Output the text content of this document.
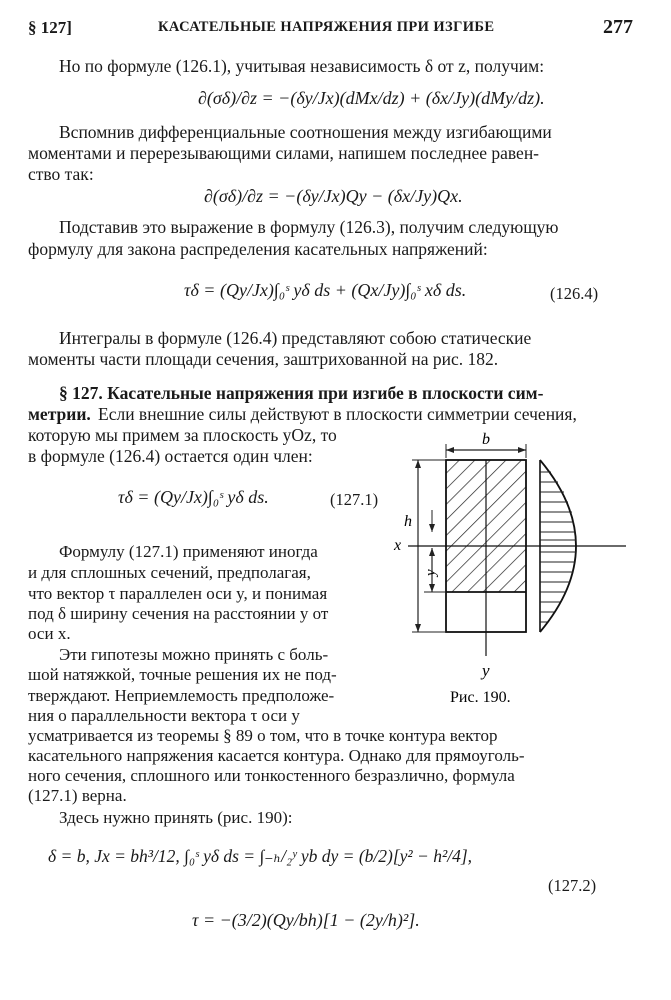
§ 127]	КАСАТЕЛЬНЫЕ НАПРЯЖЕНИЯ ПРИ ИЗГИБЕ	277
Но по формуле (126.1), учитывая независимость δ от z, получим:
∂(σδ)/∂z = −(δy/Jx)(dMx/dz) + (δx/Jy)(dMy/dz).
Вспомнив дифференциальные соотношения между изгибающими
моментами и перерезывающими силами, напишем последнее равен-
ство так:
∂(σδ)/∂z = −(δy/Jx)Qy − (δx/Jy)Qx.
Подставив это выражение в формулу (126.3), получим следующую
формулу для закона распределения касательных напряжений:
τδ = (Qy/Jx)∫₀ˢ yδ ds + (Qx/Jy)∫₀ˢ xδ ds.	(126.4)
Интегралы в формуле (126.4) представляют собою статические
моменты части площади сечения, заштрихованной на рис. 182.
§ 127. Касательные напряжения при изгибе в плоскости сим-
метрии. Если внешние силы действуют в плоскости симметрии сечения,
которую мы примем за плоскость yOz, то
в формуле (126.4) остается один член:
τδ = (Qy/Jx)∫₀ˢ yδ ds.	(127.1)
Формулу (127.1) применяют иногда
и для сплошных сечений, предполагая,
что вектор τ параллелен оси y, и понимая
под δ ширину сечения на расстоянии y от
оси x.
Эти гипотезы можно принять с боль-
шой натяжкой, точные решения их не под-
тверждают. Неприемлемость предположе-
ния о параллельности вектора τ оси y
усматривается из теоремы § 89 о том, что в точке контура вектор
касательного напряжения касается контура. Однако для прямоуголь-
ного сечения, сплошного или тонкостенного безразлично, формула
(127.1) верна.
Здесь нужно принять (рис. 190):
δ = b, Jx = bh³/12, ∫₀ˢ yδ ds = ∫₋ₕ/₂ʸ yb dy = (b/2)[y² − h²/4],
(127.2)
τ = −(3/2)(Qy/bh)[1 − (2y/h)²].
b
h
y
x
y
Рис. 190.
